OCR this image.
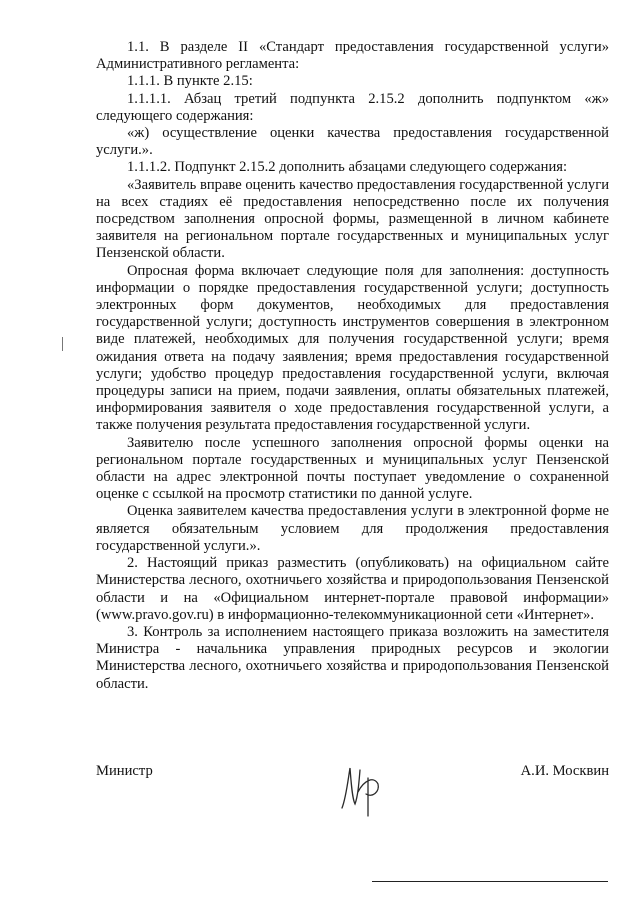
1.1. В разделе II «Стандарт предоставления государственной услуги» Административного регламента:

1.1.1. В пункте 2.15:

1.1.1.1. Абзац третий подпункта 2.15.2 дополнить подпунктом «ж» следующего содержания:

«ж) осуществление оценки качества предоставления государственной услуги.».

1.1.1.2. Подпункт 2.15.2 дополнить абзацами следующего содержания:

«Заявитель вправе оценить качество предоставления государственной услуги на всех стадиях её предоставления непосредственно после их получения посредством заполнения опросной формы, размещенной в личном кабинете заявителя на региональном портале государственных и муниципальных услуг Пензенской области.

Опросная форма включает следующие поля для заполнения: доступность информации о порядке предоставления государственной услуги; доступность электронных форм документов, необходимых для предоставления государственной услуги; доступность инструментов совершения в электронном виде платежей, необходимых для получения государственной услуги; время ожидания ответа на подачу заявления; время предоставления государственной услуги; удобство процедур предоставления государственной услуги, включая процедуры записи на прием, подачи заявления, оплаты обязательных платежей, информирования заявителя о ходе предоставления государственной услуги, а также получения результата предоставления государственной услуги.

Заявителю после успешного заполнения опросной формы оценки на региональном портале государственных и муниципальных услуг Пензенской области на адрес электронной почты поступает уведомление о сохраненной оценке с ссылкой на просмотр статистики по данной услуге.

Оценка заявителем качества предоставления услуги в электронной форме не является обязательным условием для продолжения предоставления государственной услуги.».

2. Настоящий приказ разместить (опубликовать) на официальном сайте Министерства лесного, охотничьего хозяйства и природопользования Пензенской области и на «Официальном интернет-портале правовой информации» (www.pravo.gov.ru) в информационно-телекоммуникационной сети «Интернет».

3. Контроль за исполнением настоящего приказа возложить на заместителя Министра - начальника управления природных ресурсов и экологии Министерства лесного, охотничьего хозяйства и природопользования Пензенской области.

Министр	А.И. Москвин
